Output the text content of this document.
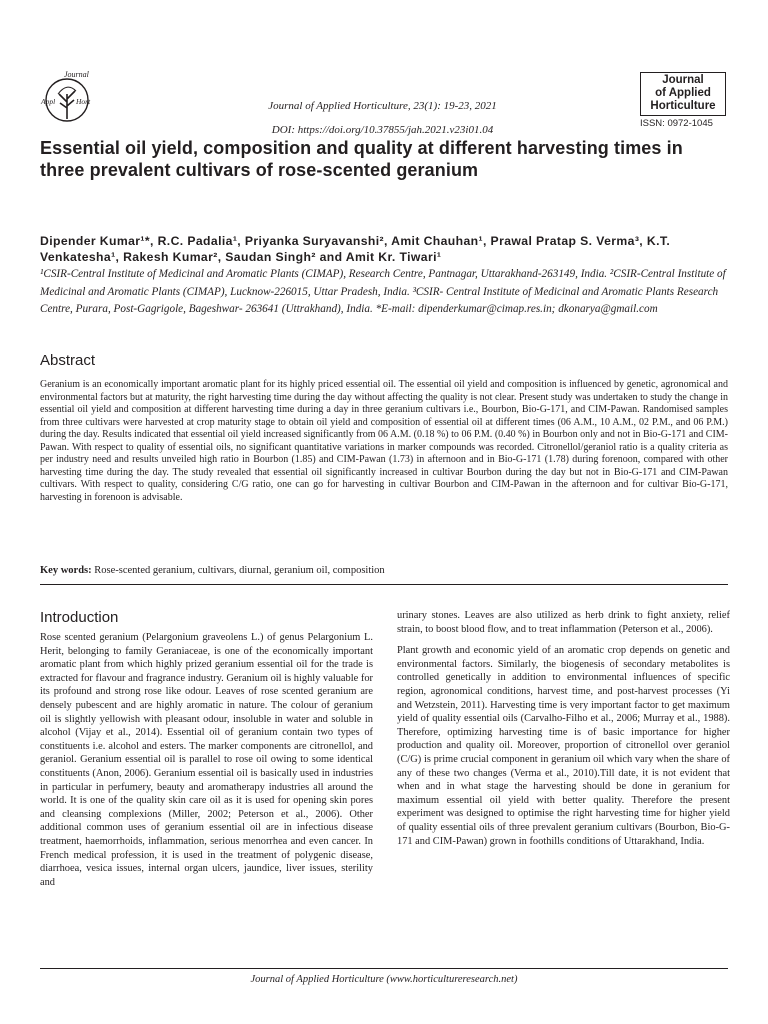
Journal
Appl	Hort	Journal of Applied Horticulture, 23(1): 19-23, 2021
DOI: https://doi.org/10.37855/jah.2021.v23i01.04
Journal
of Applied
Horticulture
ISSN: 0972-1045
Essential oil yield, composition and quality at different harvesting times in three prevalent cultivars of rose-scented geranium
Dipender Kumar¹*, R.C. Padalia¹, Priyanka Suryavanshi², Amit Chauhan¹, Prawal Pratap S. Verma³, K.T. Venkatesha¹, Rakesh Kumar², Saudan Singh² and Amit Kr. Tiwari¹
¹CSIR-Central Institute of Medicinal and Aromatic Plants (CIMAP), Research Centre, Pantnagar, Uttarakhand-263149, India. ²CSIR-Central Institute of Medicinal and Aromatic Plants (CIMAP), Lucknow-226015, Uttar Pradesh, India. ³CSIR- Central Institute of Medicinal and Aromatic Plants Research Centre, Purara, Post-Gagrigole, Bageshwar- 263641 (Uttrakhand), India. *E-mail: dipenderkumar@cimap.res.in; dkonarya@gmail.com
Abstract
Geranium is an economically important aromatic plant for its highly priced essential oil. The essential oil yield and composition is influenced by genetic, agronomical and environmental factors but at maturity, the right harvesting time during the day without affecting the quality is not clear. Present study was undertaken to study the change in essential oil yield and composition at different harvesting time during a day in three geranium cultivars i.e., Bourbon, Bio-G-171, and CIM-Pawan. Randomised samples from three cultivars were harvested at crop maturity stage to obtain oil yield and composition of essential oil at different times (06 A.M., 10 A.M., 02 P.M., and 06 P.M.) during the day. Results indicated that essential oil yield increased significantly from 06 A.M. (0.18 %) to 06 P.M. (0.40 %) in Bourbon only and not in Bio-G-171 and CIM-Pawan. With respect to quality of essential oils, no significant quantitative variations in marker compounds was recorded. Citronellol/geraniol ratio is a quality criteria as per industry need and results unveiled high ratio in Bourbon (1.85) and CIM-Pawan (1.73) in afternoon and in Bio-G-171 (1.78) during forenoon, compared with other harvesting time during the day. The study revealed that essential oil significantly increased in cultivar Bourbon during the day but not in Bio-G-171 and CIM-Pawan cultivars. With respect to quality, considering C/G ratio, one can go for harvesting in cultivar Bourbon and CIM-Pawan in the afternoon and for cultivar Bio-G-171, harvesting in forenoon is advisable.
Key words: Rose-scented geranium, cultivars, diurnal, geranium oil, composition
Introduction

Rose scented geranium (Pelargonium graveolens L.) of genus Pelargonium L. Herit, belonging to family Geraniaceae, is one of the economically important aromatic plant from which highly prized geranium essential oil for the trade is extracted for flavour and fragrance industry. Geranium oil is highly valuable for its profound and strong rose like odour. Leaves of rose scented geranium are densely pubescent and are highly aromatic in nature. The colour of geranium oil is slightly yellowish with pleasant odour, insoluble in water and soluble in alcohol (Vijay et al., 2014). Essential oil of geranium contain two types of constituents i.e. alcohol and esters. The marker components are citronellol, and geraniol. Geranium essential oil is parallel to rose oil owing to some identical constituents (Anon, 2006). Geranium essential oil is basically used in industries in particular in perfumery, beauty and aromatherapy industries all around the world. It is one of the quality skin care oil as it is used for opening skin pores and cleansing complexions (Miller, 2002; Peterson et al., 2006). Other additional common uses of geranium essential oil are in infectious disease treatment, haemorrhoids, inflammation, serious menorrhea and even cancer. In French medical profession, it is used in the treatment of polygenic disease, diarrhoea, vesica issues, internal organ ulcers, jaundice, liver issues, sterility and

urinary stones. Leaves are also utilized as herb drink to fight anxiety, relief strain, to boost blood flow, and to treat inflammation (Peterson et al., 2006).

Plant growth and economic yield of an aromatic crop depends on genetic and environmental factors. Similarly, the biogenesis of secondary metabolites is controlled genetically in addition to environmental influences of specific region, agronomical conditions, harvest time, and post-harvest processes (Yi and Wetzstein, 2011). Harvesting time is very important factor to get maximum yield of quality essential oils (Carvalho-Filho et al., 2006; Murray et al., 1988). Therefore, optimizing harvesting time is of basic importance for higher production and quality oil. Moreover, proportion of citronellol over geraniol (C/G) is prime crucial component in geranium oil which vary when the share of any of these two changes (Verma et al., 2010).Till date, it is not evident that when and in what stage the harvesting should be done in geranium for maximum essential oil yield with better quality. Therefore the present experiment was designed to optimise the right harvesting time for higher yield of quality essential oils of three prevalent geranium cultivars (Bourbon, Bio-G-171 and CIM-Pawan) grown in foothills conditions of Uttarakhand, India.

Journal of Applied Horticulture (www.horticultureresearch.net)
